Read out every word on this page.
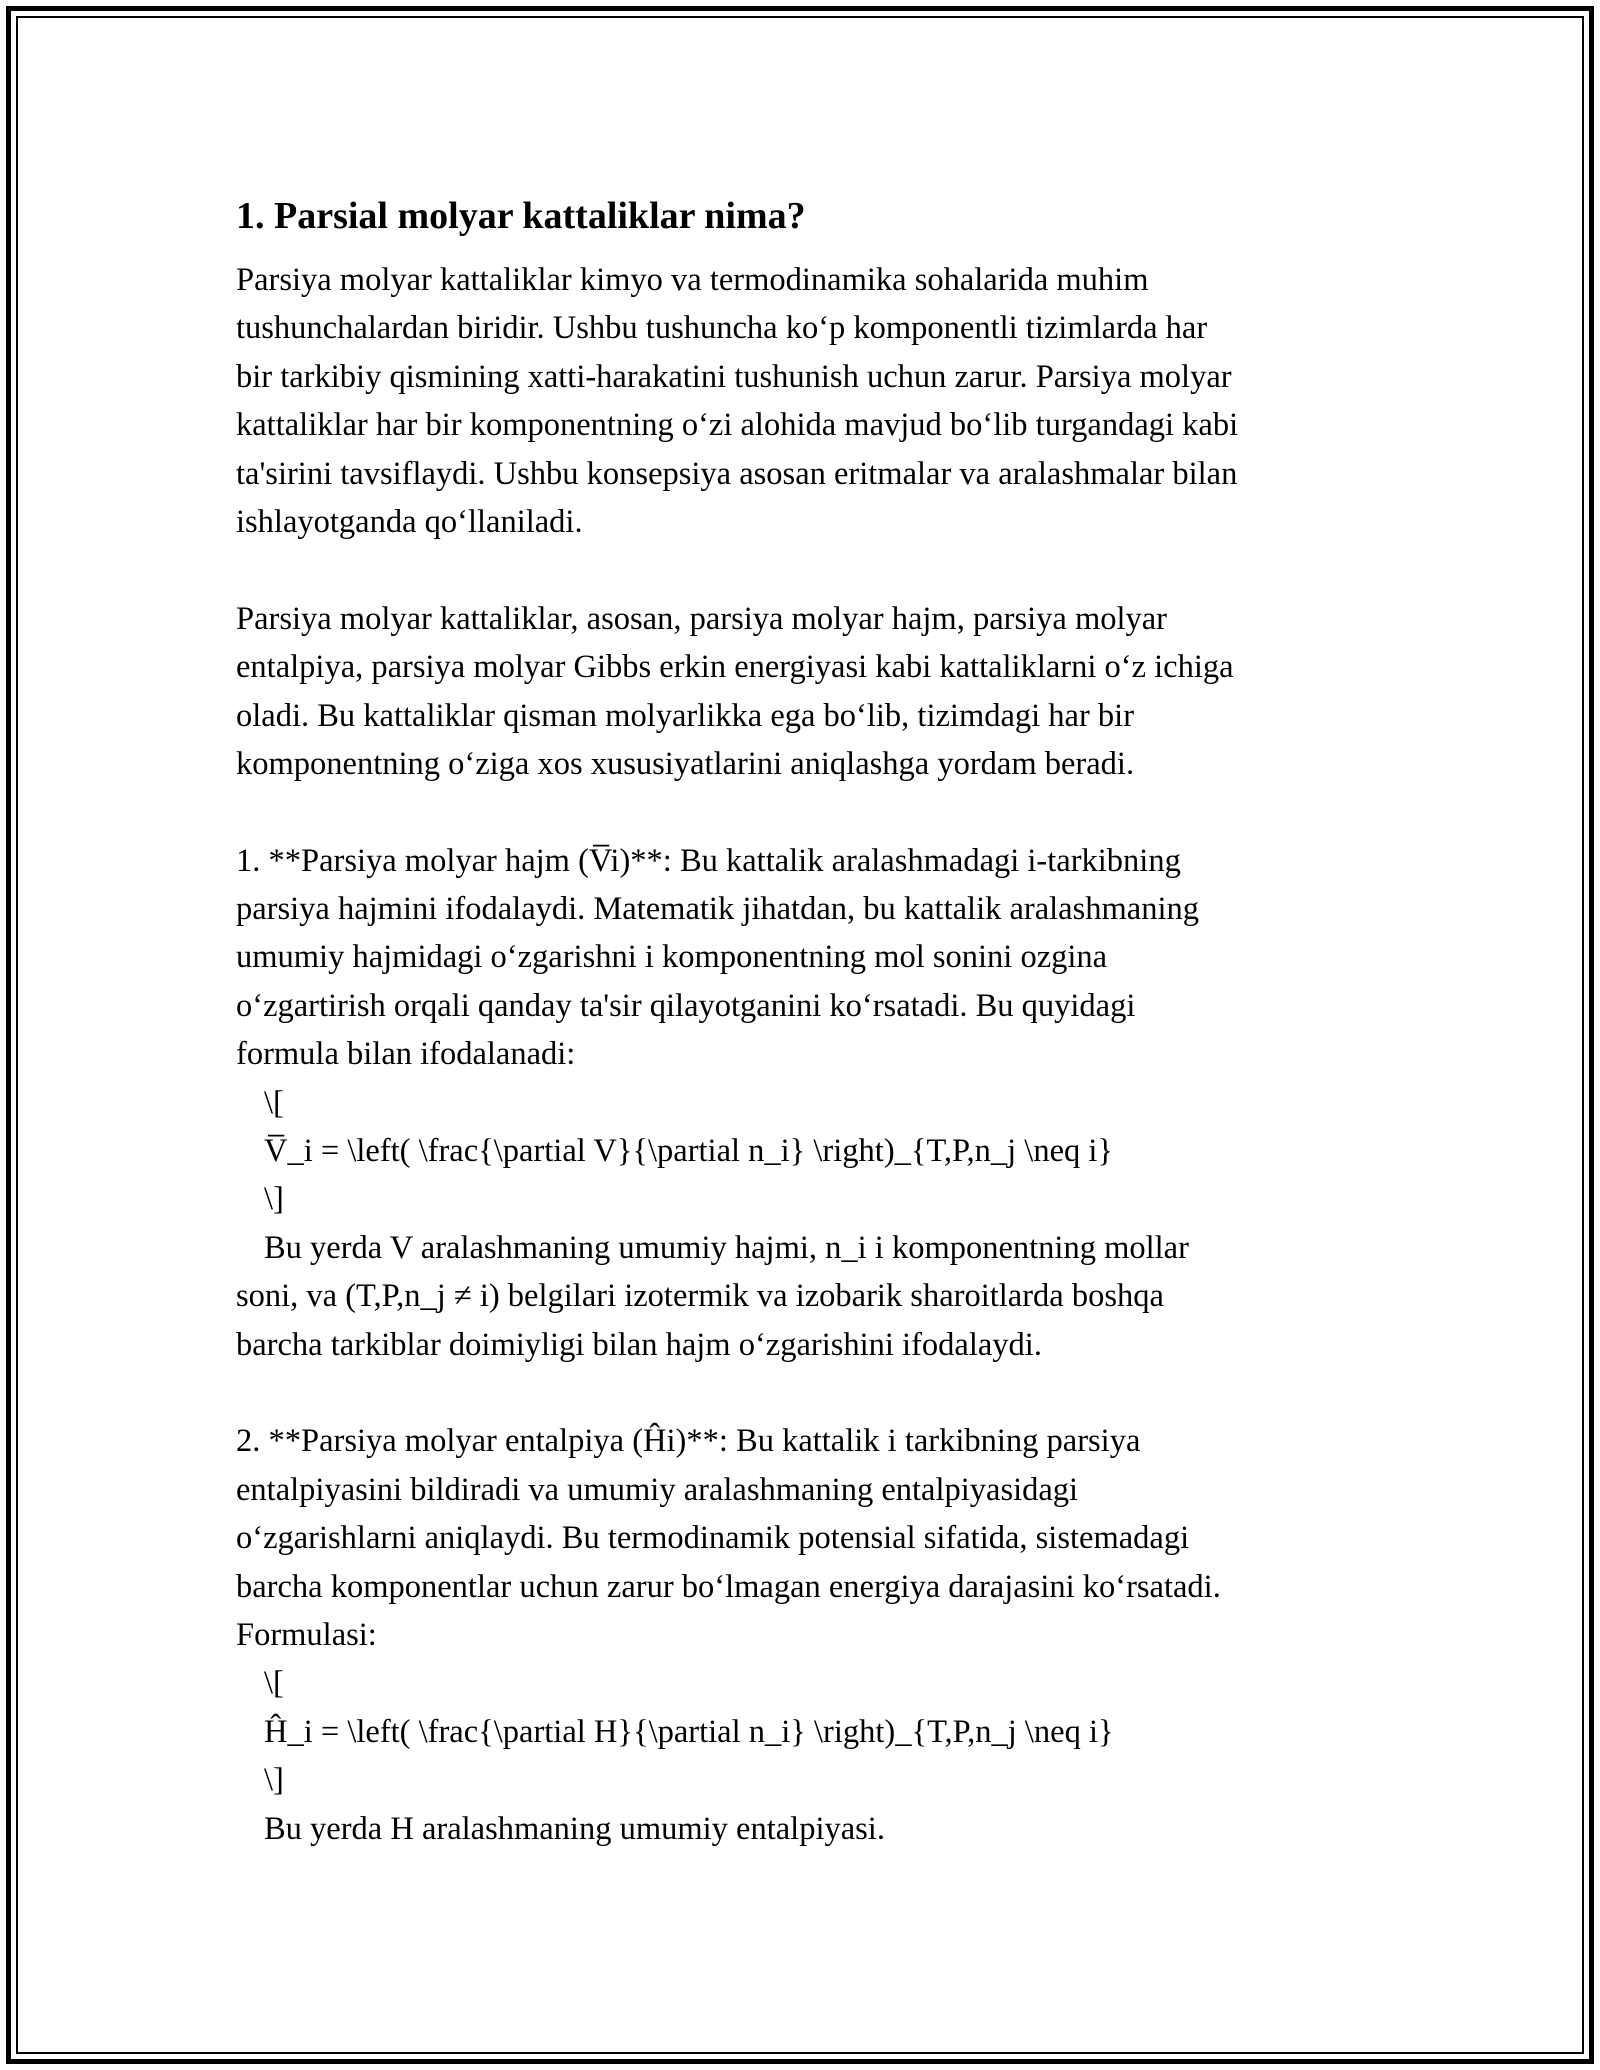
1. Parsial molyar kattaliklar nima?
Parsiya molyar kattaliklar kimyo va termodinamika sohalarida muhim
tushunchalardan biridir. Ushbu tushuncha koʻp komponentli tizimlarda har
bir tarkibiy qismining xatti-harakatini tushunish uchun zarur. Parsiya molyar
kattaliklar har bir komponentning oʻzi alohida mavjud boʻlib turgandagi kabi
ta'sirini tavsiflaydi. Ushbu konsepsiya asosan eritmalar va aralashmalar bilan
ishlayotganda qoʻllaniladi.
Parsiya molyar kattaliklar, asosan, parsiya molyar hajm, parsiya molyar
entalpiya, parsiya molyar Gibbs erkin energiyasi kabi kattaliklarni oʻz ichiga
oladi. Bu kattaliklar qisman molyarlikka ega boʻlib, tizimdagi har bir
komponentning oʻziga xos xususiyatlarini aniqlashga yordam beradi.
1. **Parsiya molyar hajm (V̅i)**: Bu kattalik aralashmadagi i-tarkibning
parsiya hajmini ifodalaydi. Matematik jihatdan, bu kattalik aralashmaning
umumiy hajmidagi oʻzgarishni i komponentning mol sonini ozgina
oʻzgartirish orqali qanday ta'sir qilayotganini koʻrsatadi. Bu quyidagi
formula bilan ifodalanadi:
\[
V̅_i = \left( \frac{\partial V}{\partial n_i} \right)_{T,P,n_j \neq i}
\]
Bu yerda V aralashmaning umumiy hajmi, n_i i komponentning mollar
soni, va (T,P,n_j ≠ i) belgilari izotermik va izobarik sharoitlarda boshqa
barcha tarkiblar doimiyligi bilan hajm oʻzgarishini ifodalaydi.
2. **Parsiya molyar entalpiya (Ĥi)**: Bu kattalik i tarkibning parsiya
entalpiyasini bildiradi va umumiy aralashmaning entalpiyasidagi
oʻzgarishlarni aniqlaydi. Bu termodinamik potensial sifatida, sistemadagi
barcha komponentlar uchun zarur boʻlmagan energiya darajasini koʻrsatadi.
Formulasi:
\[
Ĥ_i = \left( \frac{\partial H}{\partial n_i} \right)_{T,P,n_j \neq i}
\]
Bu yerda H aralashmaning umumiy entalpiyasi.
